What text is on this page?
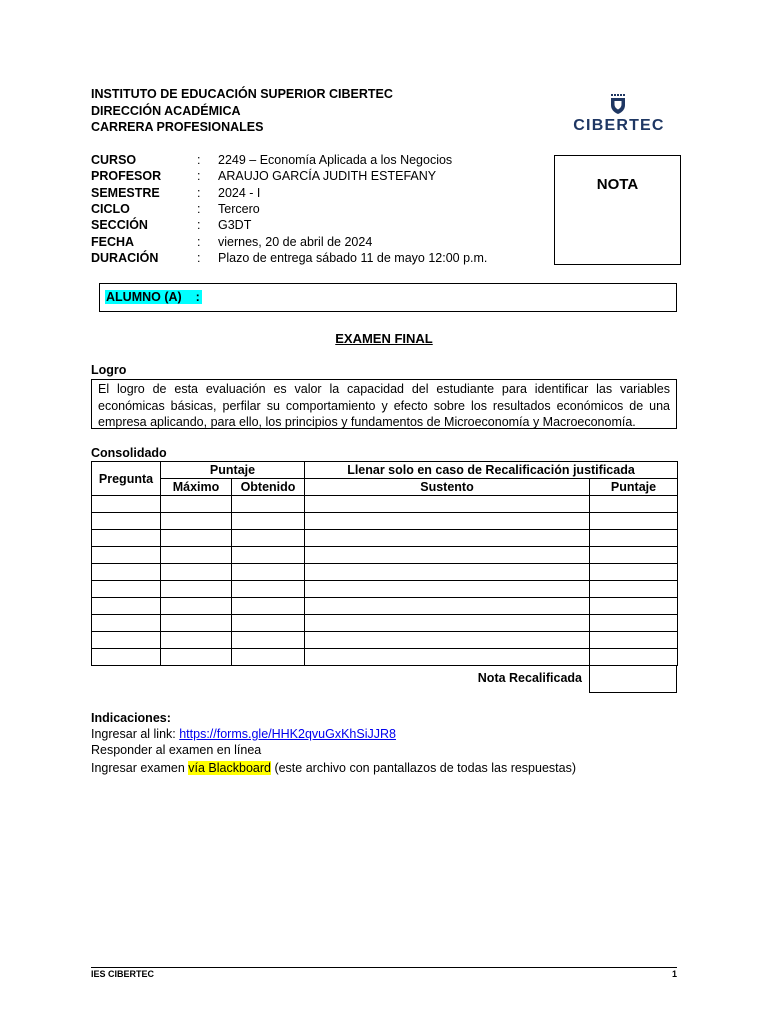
INSTITUTO DE EDUCACIÓN SUPERIOR CIBERTEC
DIRECCIÓN ACADÉMICA
CARRERA PROFESIONALES	CIBERTEC
CURSO	: 2249 – Economía Aplicada a los Negocios
PROFESOR	: ARAUJO GARCÍA JUDITH ESTEFANY
SEMESTRE	: 2024 - I
CICLO	: Tercero
SECCIÓN	: G3DT
FECHA	: viernes, 20 de abril de 2024
DURACIÓN	: Plazo de entrega sábado 11 de mayo 12:00 p.m.
NOTA
ALUMNO (A)    :
EXAMEN FINAL
Logro
El logro de esta evaluación es valor la capacidad del estudiante para identificar las variables económicas básicas, perfilar su comportamiento y efecto sobre los resultados económicos de una empresa aplicando, para ello, los principios y fundamentos de Microeconomía y Macroeconomía.
Consolidado
Pregunta	Puntaje		Llenar solo en caso de Recalificación justificada	
	Máximo	Obtenido	Sustento	Puntaje

Nota Recalificada
Indicaciones:
Ingresar al link: https://forms.gle/HHK2qvuGxKhSiJJR8
Responder al examen en línea
Ingresar examen vía Blackboard (este archivo con pantallazos de todas las respuestas)
IES CIBERTEC	1
